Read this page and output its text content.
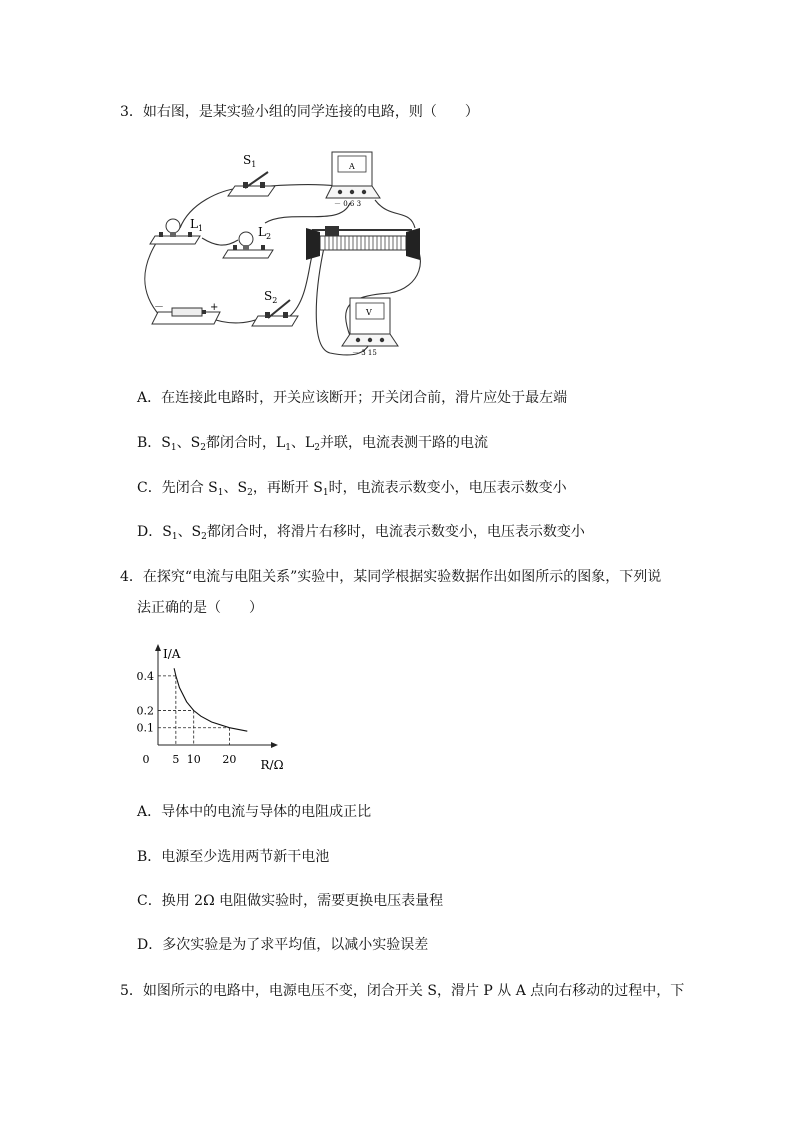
3．如右图，是某实验小组的同学连接的电路，则（　　）
$S_1$	A
－ 0.6 3
$L_1$	$L_2$
－	+
$S_2$
V
－ 3 15
A．在连接此电路时，开关应该断开；开关闭合前，滑片应处于最左端
B．$S_1$、$S_2$都闭合时，$L_1$、$L_2$并联，电流表测干路的电流
C．先闭合 $S_1$、$S_2$，再断开 $S_1$时，电流表示数变小，电压表示数变小
D．$S_1$、$S_2$都闭合时，将滑片右移时，电流表示数变小，电压表示数变小
4．在探究“电流与电阻关系”实验中，某同学根据实验数据作出如图所示的图象，下列说
法正确的是（　　）
I/A
R/Ω
0 5 10 20
0.4
0.2
0.1
A．导体中的电流与导体的电阻成正比
B．电源至少选用两节新干电池
C．换用 2Ω 电阻做实验时，需要更换电压表量程
D．多次实验是为了求平均值，以减小实验误差
5．如图所示的电路中，电源电压不变，闭合开关 S，滑片 P 从 A 点向右移动的过程中，下
